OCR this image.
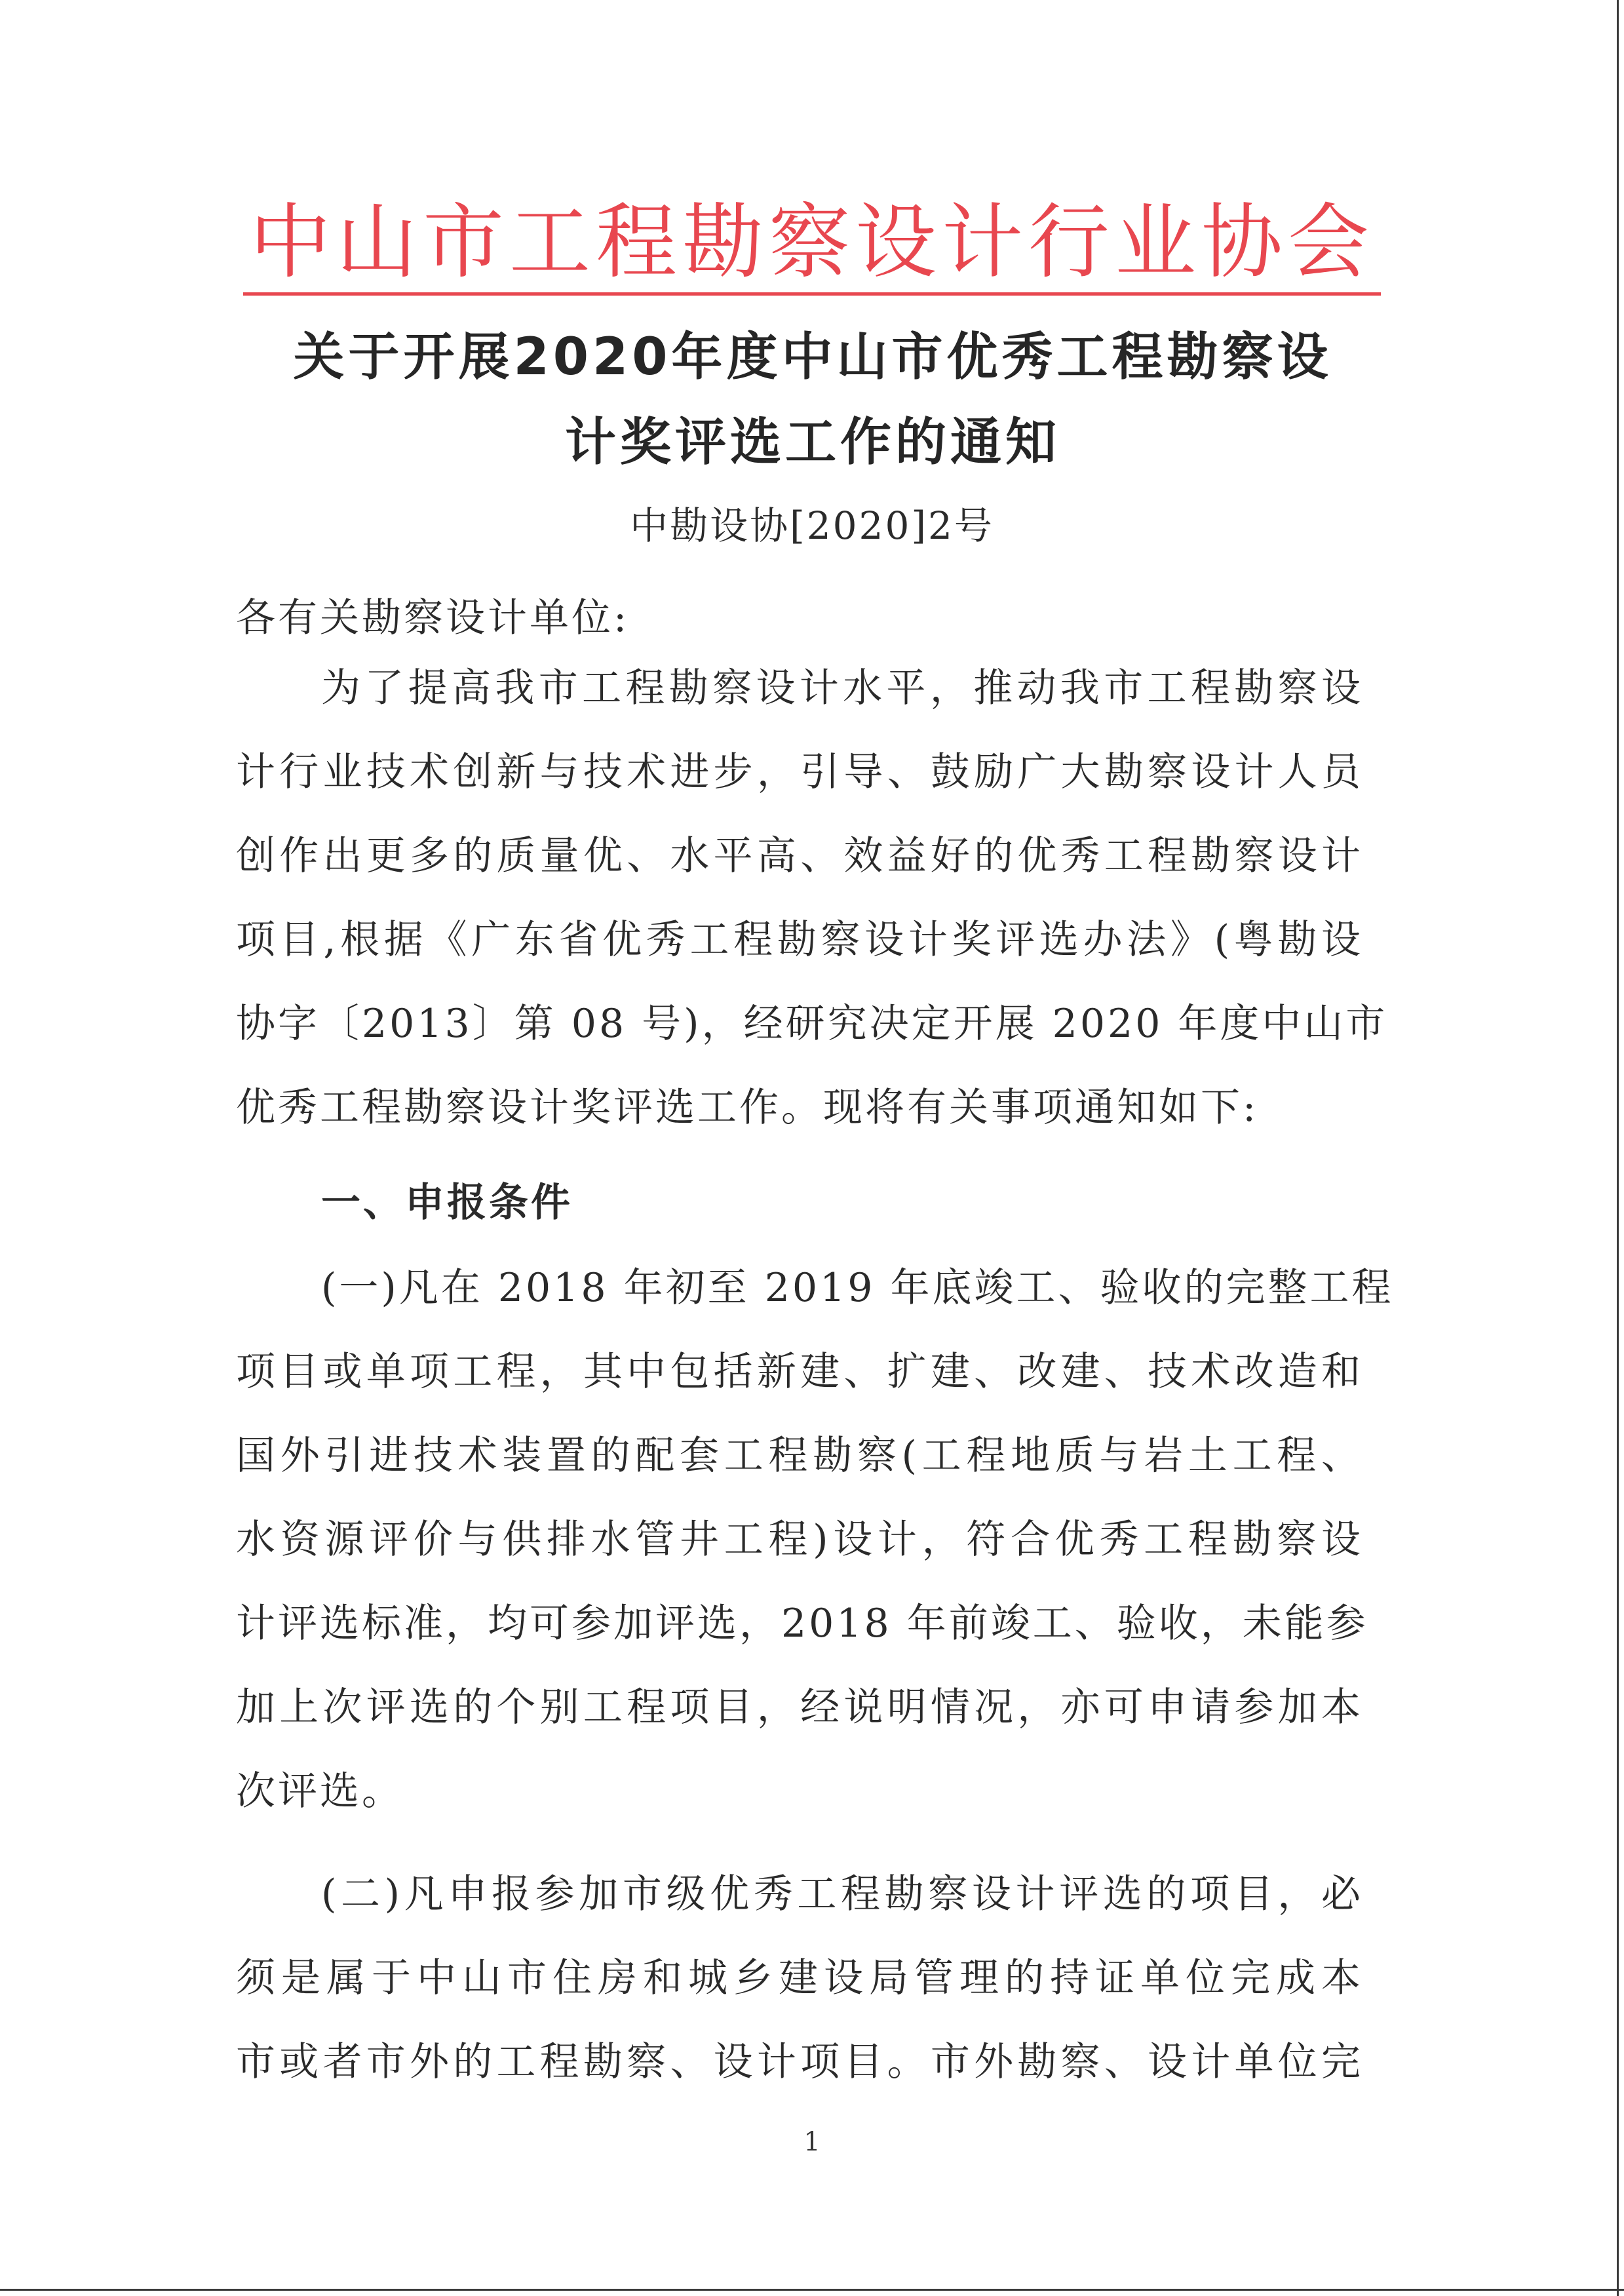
中山市工程勘察设计行业协会
关于开展2020年度中山市优秀工程勘察设
计奖评选工作的通知
中勘设协[2020]2号
各有关勘察设计单位:
为了提高我市工程勘察设计水平，推动我市工程勘察设
计行业技术创新与技术进步，引导、鼓励广大勘察设计人员
创作出更多的质量优、水平高、效益好的优秀工程勘察设计
项目,根据《广东省优秀工程勘察设计奖评选办法》(粤勘设
协字〔2013〕第 08 号)，经研究决定开展 2020 年度中山市
优秀工程勘察设计奖评选工作。现将有关事项通知如下:
一、申报条件
(一)凡在 2018 年初至 2019 年底竣工、验收的完整工程
项目或单项工程，其中包括新建、扩建、改建、技术改造和
国外引进技术装置的配套工程勘察(工程地质与岩土工程、
水资源评价与供排水管井工程)设计，符合优秀工程勘察设
计评选标准，均可参加评选，2018 年前竣工、验收，未能参
加上次评选的个别工程项目，经说明情况，亦可申请参加本
次评选。
(二)凡申报参加市级优秀工程勘察设计评选的项目，必
须是属于中山市住房和城乡建设局管理的持证单位完成本
市或者市外的工程勘察、设计项目。市外勘察、设计单位完
1
